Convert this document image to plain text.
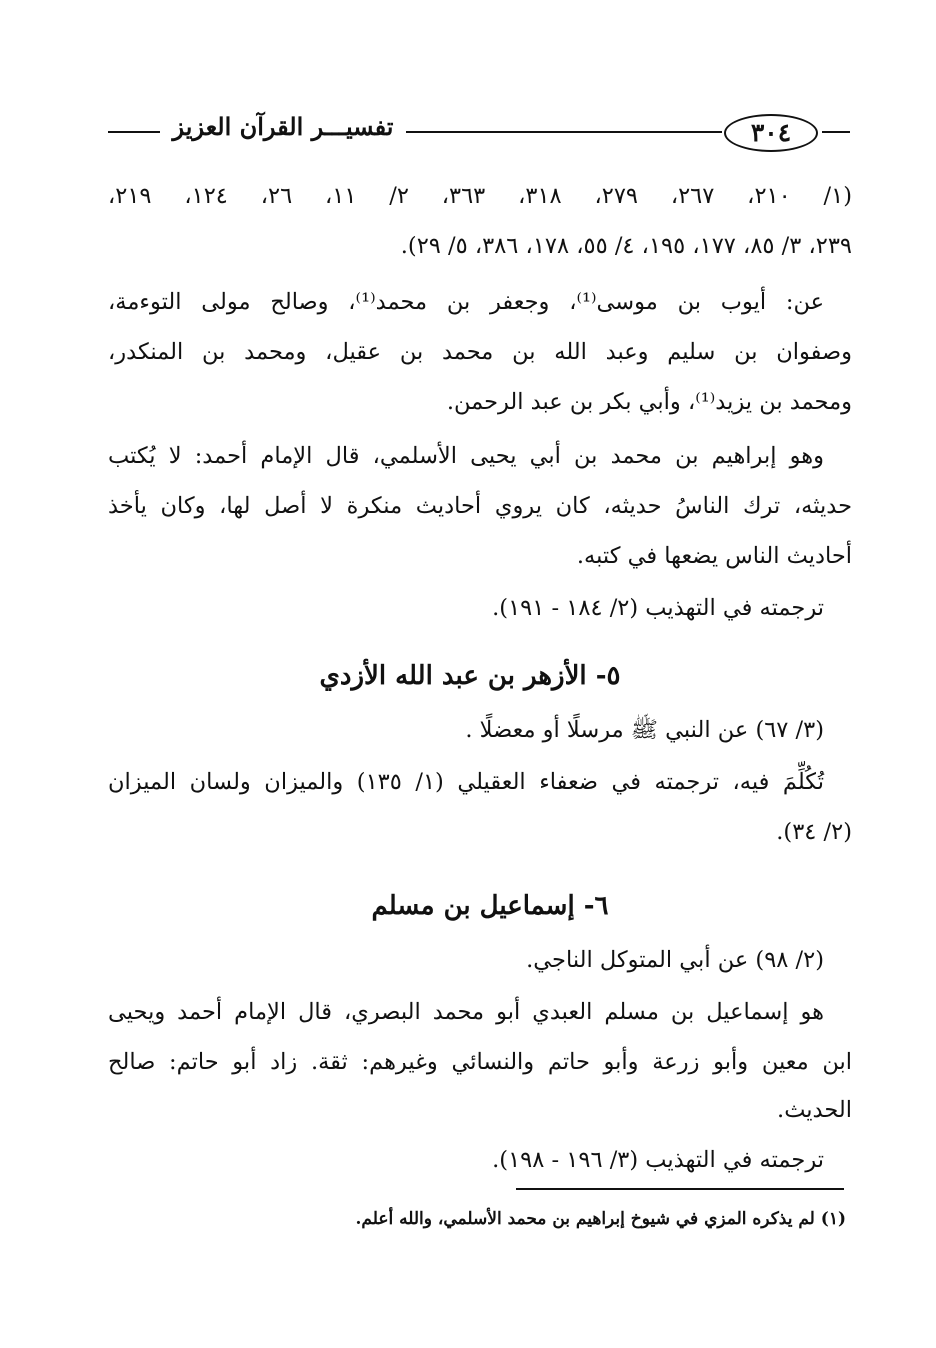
تفسيـــر القرآن العزيز	٣٠٤
(١/ ٢١٠، ٢٦٧، ٢٧٩، ٣١٨، ٣٦٣، ٢/ ١١، ٢٦، ١٢٤، ٢١٩،
٢٣٩، ٣/ ٨٥، ١٧٧، ١٩٥، ٤/ ٥٥، ١٧٨، ٣٨٦، ٥/ ٢٩).
عن: أيوب بن موسى⁽¹⁾، وجعفر بن محمد⁽¹⁾، وصالح مولى التوءمة،
وصفوان بن سليم وعبد الله بن محمد بن عقيل، ومحمد بن المنكدر،
ومحمد بن يزيد⁽¹⁾، وأبي بكر بن عبد الرحمن.
وهو إبراهيم بن محمد بن أبي يحيى الأسلمي، قال الإمام أحمد: لا يُكتب
حديثه، ترك الناسُ حديثه، كان يروي أحاديث منكرة لا أصل لها، وكان يأخذ
أحاديث الناس يضعها في كتبه.
ترجمته في التهذيب (٢/ ١٨٤ - ١٩١).
٥- الأزهر بن عبد الله الأزدي
(٣/ ٦٧) عن النبي ﷺ مرسلًا أو معضلًا .
تُكُلِّمَ فيه، ترجمته في ضعفاء العقيلي (١/ ١٣٥) والميزان ولسان الميزان
(٢/ ٣٤).
٦- إسماعيل بن مسلم
(٢/ ٩٨) عن أبي المتوكل الناجي.
هو إسماعيل بن مسلم العبدي أبو محمد البصري، قال الإمام أحمد ويحيى
ابن معين وأبو زرعة وأبو حاتم والنسائي وغيرهم: ثقة. زاد أبو حاتم: صالح
الحديث.
ترجمته في التهذيب (٣/ ١٩٦ - ١٩٨).
(١) لم يذكره المزي في شيوخ إبراهيم بن محمد الأسلمي، والله أعلم.
